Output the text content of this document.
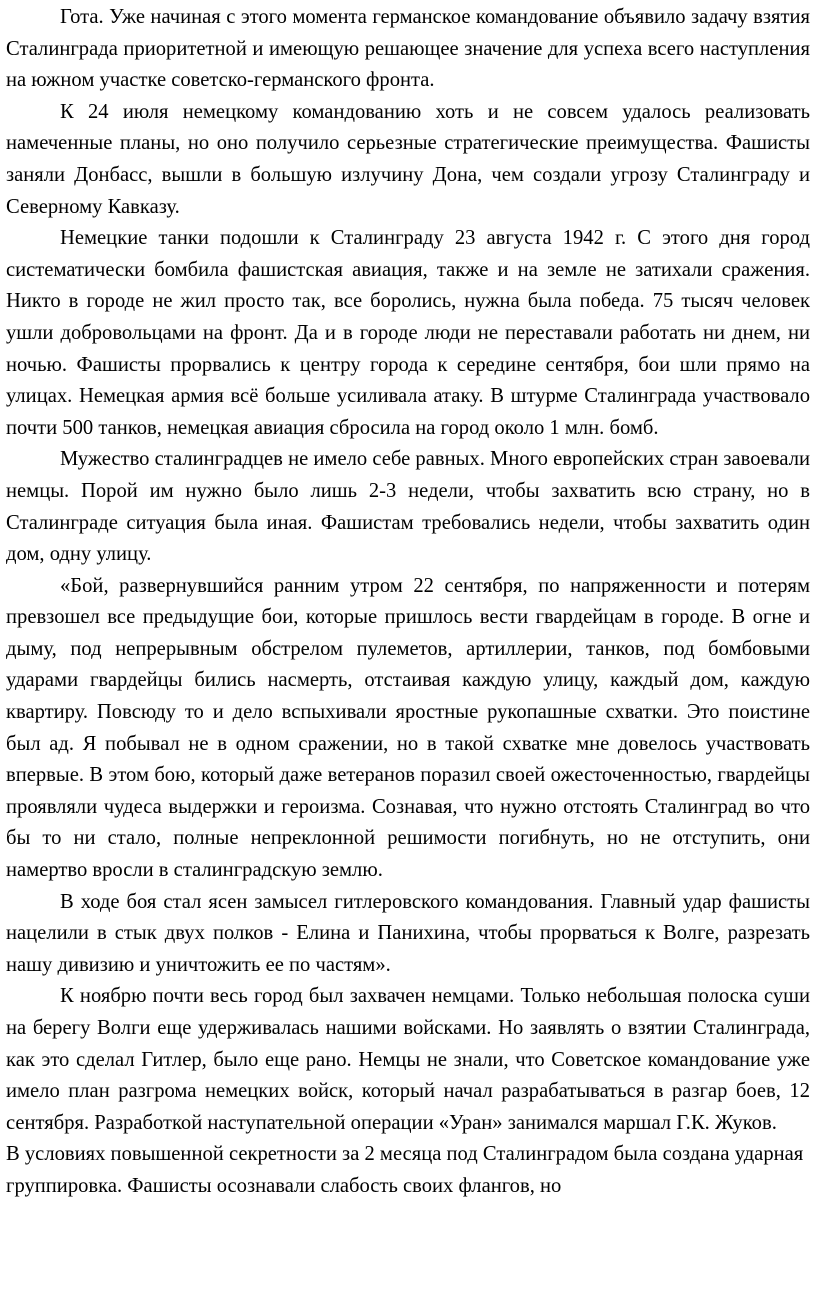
Гота. Уже начиная с этого момента германское командование объявило задачу взятия Сталинграда приоритетной и имеющую решающее значение для успеха всего наступления на южном участке советско-германского фронта.

К 24 июля немецкому командованию хоть и не совсем удалось реализовать намеченные планы, но оно получило серьезные стратегические преимущества. Фашисты заняли Донбасс, вышли в большую излучину Дона, чем создали угрозу Сталинграду и Северному Кавказу.

Немецкие танки подошли к Сталинграду 23 августа 1942 г. С этого дня город систематически бомбила фашистская авиация, также и на земле не затихали сражения. Никто в городе не жил просто так, все боролись, нужна была победа. 75 тысяч человек ушли добровольцами на фронт. Да и в городе люди не переставали работать ни днем, ни ночью. Фашисты прорвались к центру города к середине сентября, бои шли прямо на улицах. Немецкая армия всё больше усиливала атаку. В штурме Сталинграда участвовало почти 500 танков, немецкая авиация сбросила на город около 1 млн. бомб.

Мужество сталинградцев не имело себе равных. Много европейских стран завоевали немцы. Порой им нужно было лишь 2-3 недели, чтобы захватить всю страну, но в Сталинграде ситуация была иная. Фашистам требовались недели, чтобы захватить один дом, одну улицу.

«Бой, развернувшийся ранним утром 22 сентября, по напряженности и потерям превзошел все предыдущие бои, которые пришлось вести гвардейцам в городе. В огне и дыму, под непрерывным обстрелом пулеметов, артиллерии, танков, под бомбовыми ударами гвардейцы бились насмерть, отстаивая каждую улицу, каждый дом, каждую квартиру. Повсюду то и дело вспыхивали яростные рукопашные схватки. Это поистине был ад. Я побывал не в одном сражении, но в такой схватке мне довелось участвовать впервые. В этом бою, который даже ветеранов поразил своей ожесточенностью, гвардейцы проявляли чудеса выдержки и героизма. Сознавая, что нужно отстоять Сталинград во что бы то ни стало, полные непреклонной решимости погибнуть, но не отступить, они намертво вросли в сталинградскую землю.

В ходе боя стал ясен замысел гитлеровского командования. Главный удар фашисты нацелили в стык двух полков - Елина и Панихина, чтобы прорваться к Волге, разрезать нашу дивизию и уничтожить ее по частям».

К ноябрю почти весь город был захвачен немцами. Только небольшая полоска суши на берегу Волги еще удерживалась нашими войсками. Но заявлять о взятии Сталинграда, как это сделал Гитлер, было еще рано. Немцы не знали, что Советское командование уже имело план разгрома немецких войск, который начал разрабатываться в разгар боев, 12 сентября. Разработкой наступательной операции «Уран» занимался маршал Г.К. Жуков.

В условиях повышенной секретности за 2 месяца под Сталинградом была создана ударная группировка. Фашисты осознавали слабость своих флангов, но
